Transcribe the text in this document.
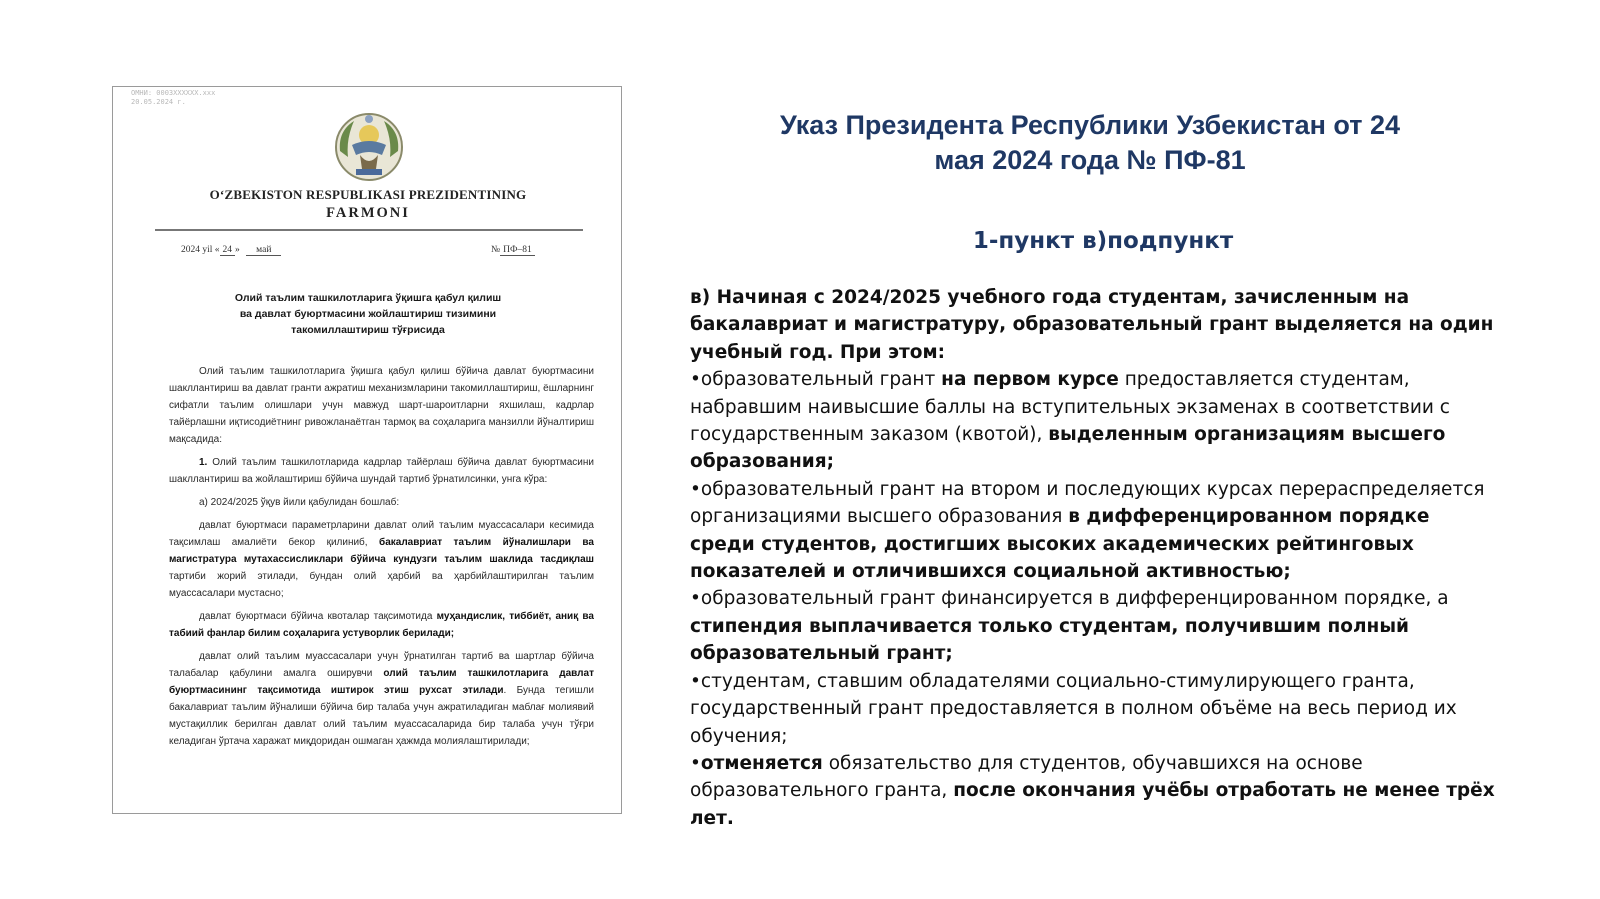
ОМНИ: 0003ХХХХХХ.ххх
20.05.2024 г.
O‘ZBEKISTON RESPUBLIKASI PREZIDENTINING
FARMONI
2024 yil « 24 » май	№ ПФ–81
Олий таълим ташкилотларига ўқишга қабул қилиш
ва давлат буюртмасини жойлаштириш тизимини
такомиллаштириш тўғрисида

Олий таълим ташкилотларига ўқишга қабул қилиш бўйича давлат буюртмасини шакллантириш ва давлат гранти ажратиш механизмларини такомиллаштириш, ёшларнинг сифатли таълим олишлари учун мавжуд шарт-шароитларни яхшилаш, кадрлар тайёрлашни иқтисодиётнинг ривожланаётган тармоқ ва соҳаларига манзилли йўналтириш мақсадида:

1. Олий таълим ташкилотларида кадрлар тайёрлаш бўйича давлат буюртмасини шакллантириш ва жойлаштириш бўйича шундай тартиб ўрнатилсинки, унга кўра:

а) 2024/2025 ўқув йили қабулидан бошлаб:

давлат буюртмаси параметрларини давлат олий таълим муассасалари кесимида тақсимлаш амалиёти бекор қилиниб, бакалавриат таълим йўналишлари ва магистратура мутахассисликлари бўйича кундузги таълим шаклида тасдиқлаш тартиби жорий этилади, бундан олий ҳарбий ва ҳарбийлаштирилган таълим муассасалари мустасно;

давлат буюртмаси бўйича квоталар тақсимотида муҳандислик, тиббиёт, аниқ ва табиий фанлар билим соҳаларига устуворлик берилади;

давлат олий таълим муассасалари учун ўрнатилган тартиб ва шартлар бўйича талабалар қабулини амалга оширувчи олий таълим ташкилотларига давлат буюртмасининг тақсимотида иштирок этиш рухсат этилади. Бунда тегишли бакалавриат таълим йўналиши бўйича бир талаба учун ажратиладиган маблағ молиявий мустақиллик берилган давлат олий таълим муассасаларида бир талаба учун тўғри келадиган ўртача харажат миқдоридан ошмаган ҳажмда молиялаштирилади;

Указ Президента Республики Узбекистан от 24
мая 2024 года № ПФ-81
1-пункт в)подпункт

в) Начиная с 2024/2025 учебного года студентам, зачисленным на бакалавриат и магистратуру, образовательный грант выделяется на один учебный год. При этом:

•образовательный грант на первом курсе предоставляется студентам, набравшим наивысшие баллы на вступительных экзаменах в соответствии с государственным заказом (квотой), выделенным организациям высшего образования;

•образовательный грант на втором и последующих курсах перераспределяется организациями высшего образования в дифференцированном порядке среди студентов, достигших высоких академических рейтинговых показателей и отличившихся социальной активностью;

•образовательный грант финансируется в дифференцированном порядке, а стипендия выплачивается только студентам, получившим полный образовательный грант;

•студентам, ставшим обладателями социально-стимулирующего гранта, государственный грант предоставляется в полном объёме на весь период их обучения;

•отменяется обязательство для студентов, обучавшихся на основе образовательного гранта, после окончания учёбы отработать не менее трёх лет.
